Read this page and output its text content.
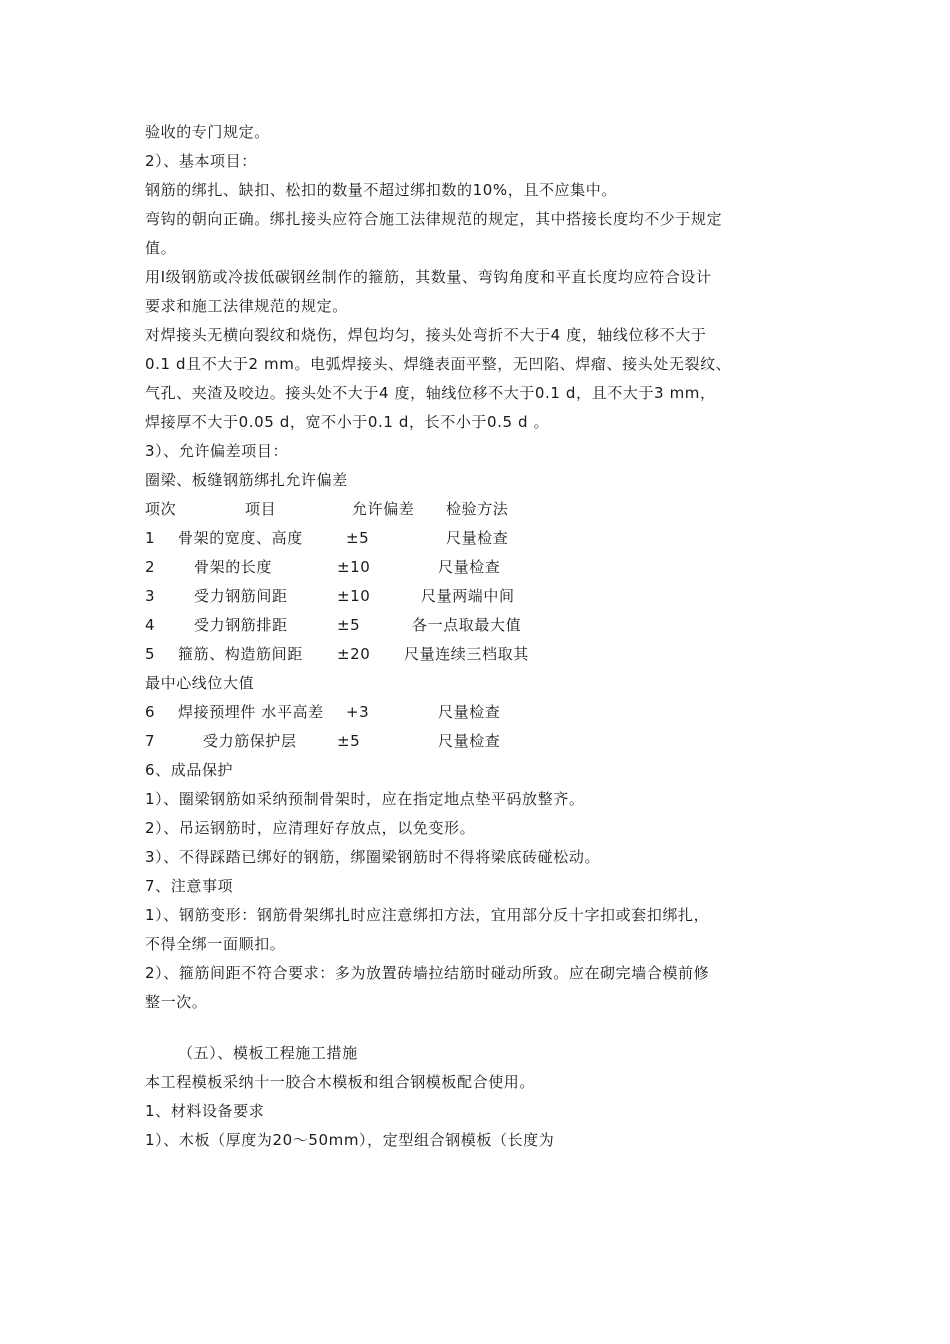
验收的专门规定。
2）、基本项目：
钢筋的绑扎、缺扣、松扣的数量不超过绑扣数的10%，且不应集中。
弯钩的朝向正确。绑扎接头应符合施工法律规范的规定，其中搭接长度均不少于规定
值。
用Ⅰ级钢筋或冷拔低碳钢丝制作的箍筋，其数量、弯钩角度和平直长度均应符合设计
要求和施工法律规范的规定。
对焊接头无横向裂纹和烧伤，焊包均匀，接头处弯折不大于4 度，轴线位移不大于
0.1 d且不大于2 mm。电弧焊接头、焊缝表面平整，无凹陷、焊瘤、接头处无裂纹、
气孔、夹渣及咬边。接头处不大于4 度，轴线位移不大于0.1 d，且不大于3 mm，
焊接厚不大于0.05 d，宽不小于0.1 d，长不小于0.5 d 。
3）、允许偏差项目：
圈梁、板缝钢筋绑扎允许偏差
项次	项目	允许偏差 检验方法
1 骨架的宽度、高度	±5	尺量检查
2	骨架的长度	±10	尺量检查
3	受力钢筋间距	±10	尺量两端中间
4	受力钢筋排距	±5	各一点取最大值
5 箍筋、构造筋间距 ±20 尺量连续三档取其
最中心线位大值
6 焊接预埋件 水平高差 +3	尺量检查
7	受力筋保护层	±5	尺量检查
6、成品保护
1）、圈梁钢筋如采纳预制骨架时，应在指定地点垫平码放整齐。
2）、吊运钢筋时，应清理好存放点，以免变形。
3）、不得踩踏已绑好的钢筋，绑圈梁钢筋时不得将梁底砖碰松动。
7、注意事项
1）、钢筋变形：钢筋骨架绑扎时应注意绑扣方法，宜用部分反十字扣或套扣绑扎，
不得全绑一面顺扣。
2）、箍筋间距不符合要求：多为放置砖墙拉结筋时碰动所致。应在砌完墙合模前修
整一次。
（五）、模板工程施工措施
本工程模板采纳十一胶合木模板和组合钢模板配合使用。
1、材料设备要求
1）、木板（厚度为20～50mm），定型组合钢模板（长度为
